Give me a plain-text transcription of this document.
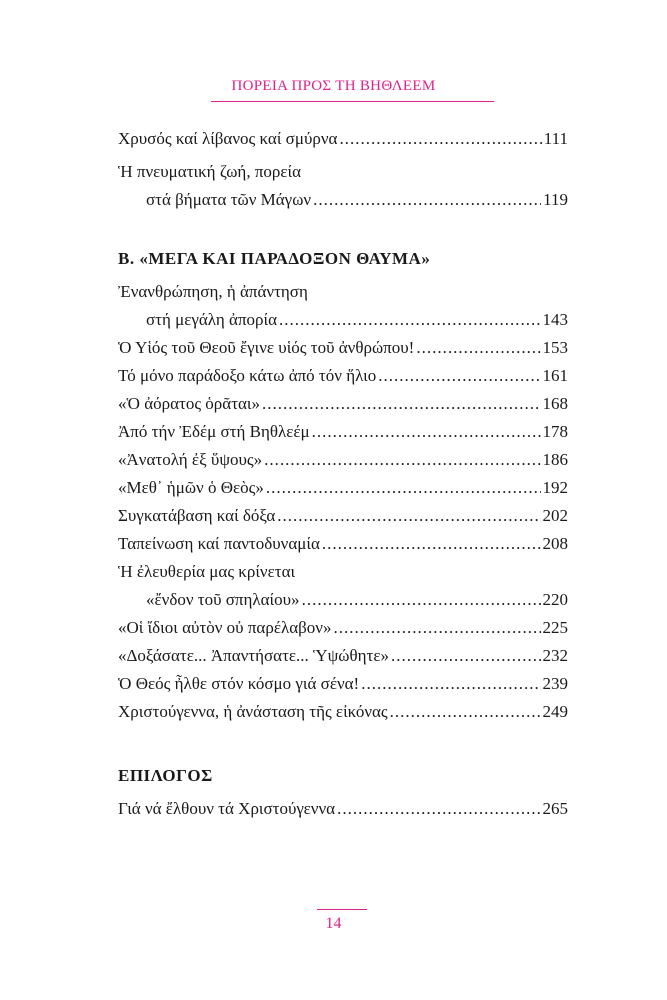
ΠΟΡΕΙΑ ΠΡΟΣ ΤΗ ΒΗΘΛΕΕΜ
Χρυσός καί λίβανος καί σμύρνα .....	111
Ἡ πνευματική ζωή, πορεία
στά βήματα τῶν Μάγων .....	119
Β. «ΜΕΓΑ ΚΑΙ ΠΑΡΑΔΟΞΟΝ ΘΑΥΜΑ»
Ἐνανθρώπηση, ἡ ἀπάντηση
στή μεγάλη ἀπορία .....	143
Ὁ Υἱός τοῦ Θεοῦ ἔγινε υἱός τοῦ ἀνθρώπου! .....	153
Τό μόνο παράδοξο κάτω ἀπό τόν ἥλιο .....	161
«Ὁ ἀόρατος ὁρᾶται» .....	168
Ἀπό τήν Ἐδέμ στή Βηθλεέμ .....	178
«Ἀνατολή ἐξ ὕψους» .....	186
«Μεθ᾽ ἡμῶν ὁ Θεὸς» .....	192
Συγκατάβαση καί δόξα .....	202
Ταπείνωση καί παντοδυναμία .....	208
Ἡ ἐλευθερία μας κρίνεται
«ἔνδον τοῦ σπηλαίου» .....	220
«Οἱ ἴδιοι αὐτὸν οὐ παρέλαβον» .....	225
«Δοξάσατε... Ἀπαντήσατε... Ὑψώθητε» .....	232
Ὁ Θεός ἦλθε στόν κόσμο γιά σένα! .....	239
Χριστούγεννα, ἡ ἀνάσταση τῆς εἰκόνας .....	249
ΕΠΙΛΟΓΟΣ
Γιά νά ἔλθουν τά Χριστούγεννα .....	265
14
